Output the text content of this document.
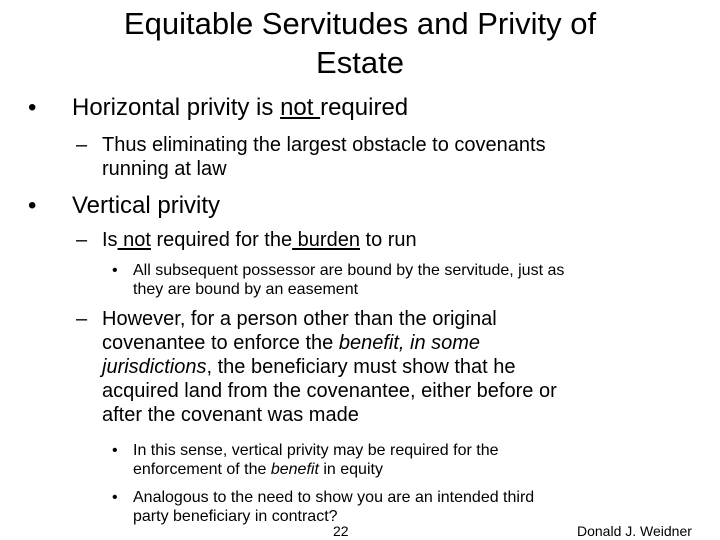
Equitable Servitudes and Privity of
Estate
• Horizontal privity is not required
– Thus eliminating the largest obstacle to covenants
running at law
• Vertical privity
– Is not required for the burden to run
• All subsequent possessor are bound by the servitude, just as
they are bound by an easement
– However, for a person other than the original
covenantee to enforce the benefit, in some
jurisdictions, the beneficiary must show that he
acquired land from the covenantee, either before or
after the covenant was made
• In this sense, vertical privity may be required for the
enforcement of the benefit in equity
• Analogous to the need to show you are an intended third
party beneficiary in contract?
22	Donald J. Weidner
